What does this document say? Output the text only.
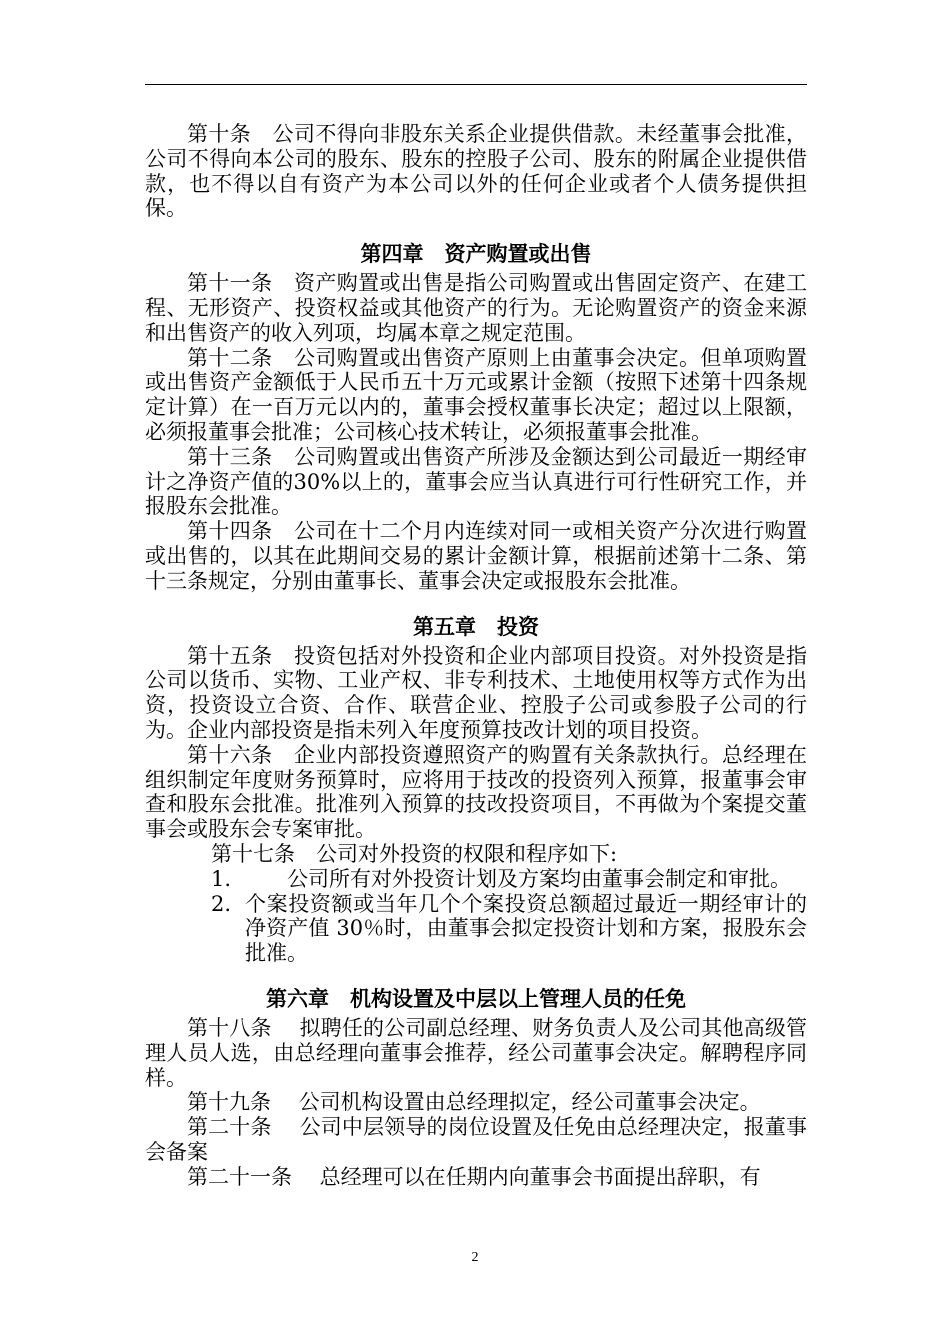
第十条　公司不得向非股东关系企业提供借款。未经董事会批准，公司不得向本公司的股东、股东的控股子公司、股东的附属企业提供借款，也不得以自有资产为本公司以外的任何企业或者个人债务提供担保。

第四章　资产购置或出售

第十一条　资产购置或出售是指公司购置或出售固定资产、在建工程、无形资产、投资权益或其他资产的行为。无论购置资产的资金来源和出售资产的收入列项，均属本章之规定范围。

第十二条　公司购置或出售资产原则上由董事会决定。但单项购置或出售资产金额低于人民币五十万元或累计金额（按照下述第十四条规定计算）在一百万元以内的，董事会授权董事长决定；超过以上限额，必须报董事会批准；公司核心技术转让，必须报董事会批准。

第十三条　公司购置或出售资产所涉及金额达到公司最近一期经审计之净资产值的30%以上的，董事会应当认真进行可行性研究工作，并报股东会批准。

第十四条　公司在十二个月内连续对同一或相关资产分次进行购置或出售的，以其在此期间交易的累计金额计算，根据前述第十二条、第十三条规定，分别由董事长、董事会决定或报股东会批准。

第五章　投资

第十五条　投资包括对外投资和企业内部项目投资。对外投资是指公司以货币、实物、工业产权、非专利技术、土地使用权等方式作为出资，投资设立合资、合作、联营企业、控股子公司或参股子公司的行为。企业内部投资是指未列入年度预算技改计划的项目投资。

第十六条　企业内部投资遵照资产的购置有关条款执行。总经理在组织制定年度财务预算时，应将用于技改的投资列入预算，报董事会审查和股东会批准。批准列入预算的技改投资项目，不再做为个案提交董事会或股东会专案审批。

第十七条　公司对外投资的权限和程序如下:

1. 　　公司所有对外投资计划及方案均由董事会制定和审批。
2. 个案投资额或当年几个个案投资总额超过最近一期经审计的净资产值 30％时，由董事会拟定投资计划和方案，报股东会批准。
第六章　机构设置及中层以上管理人员的任免

第十八条　 拟聘任的公司副总经理、财务负责人及公司其他高级管理人员人选，由总经理向董事会推荐，经公司董事会决定。解聘程序同样。

第十九条　 公司机构设置由总经理拟定，经公司董事会决定。

第二十条　 公司中层领导的岗位设置及任免由总经理决定，报董事会备案

第二十一条　 总经理可以在任期内向董事会书面提出辞职，有

2
